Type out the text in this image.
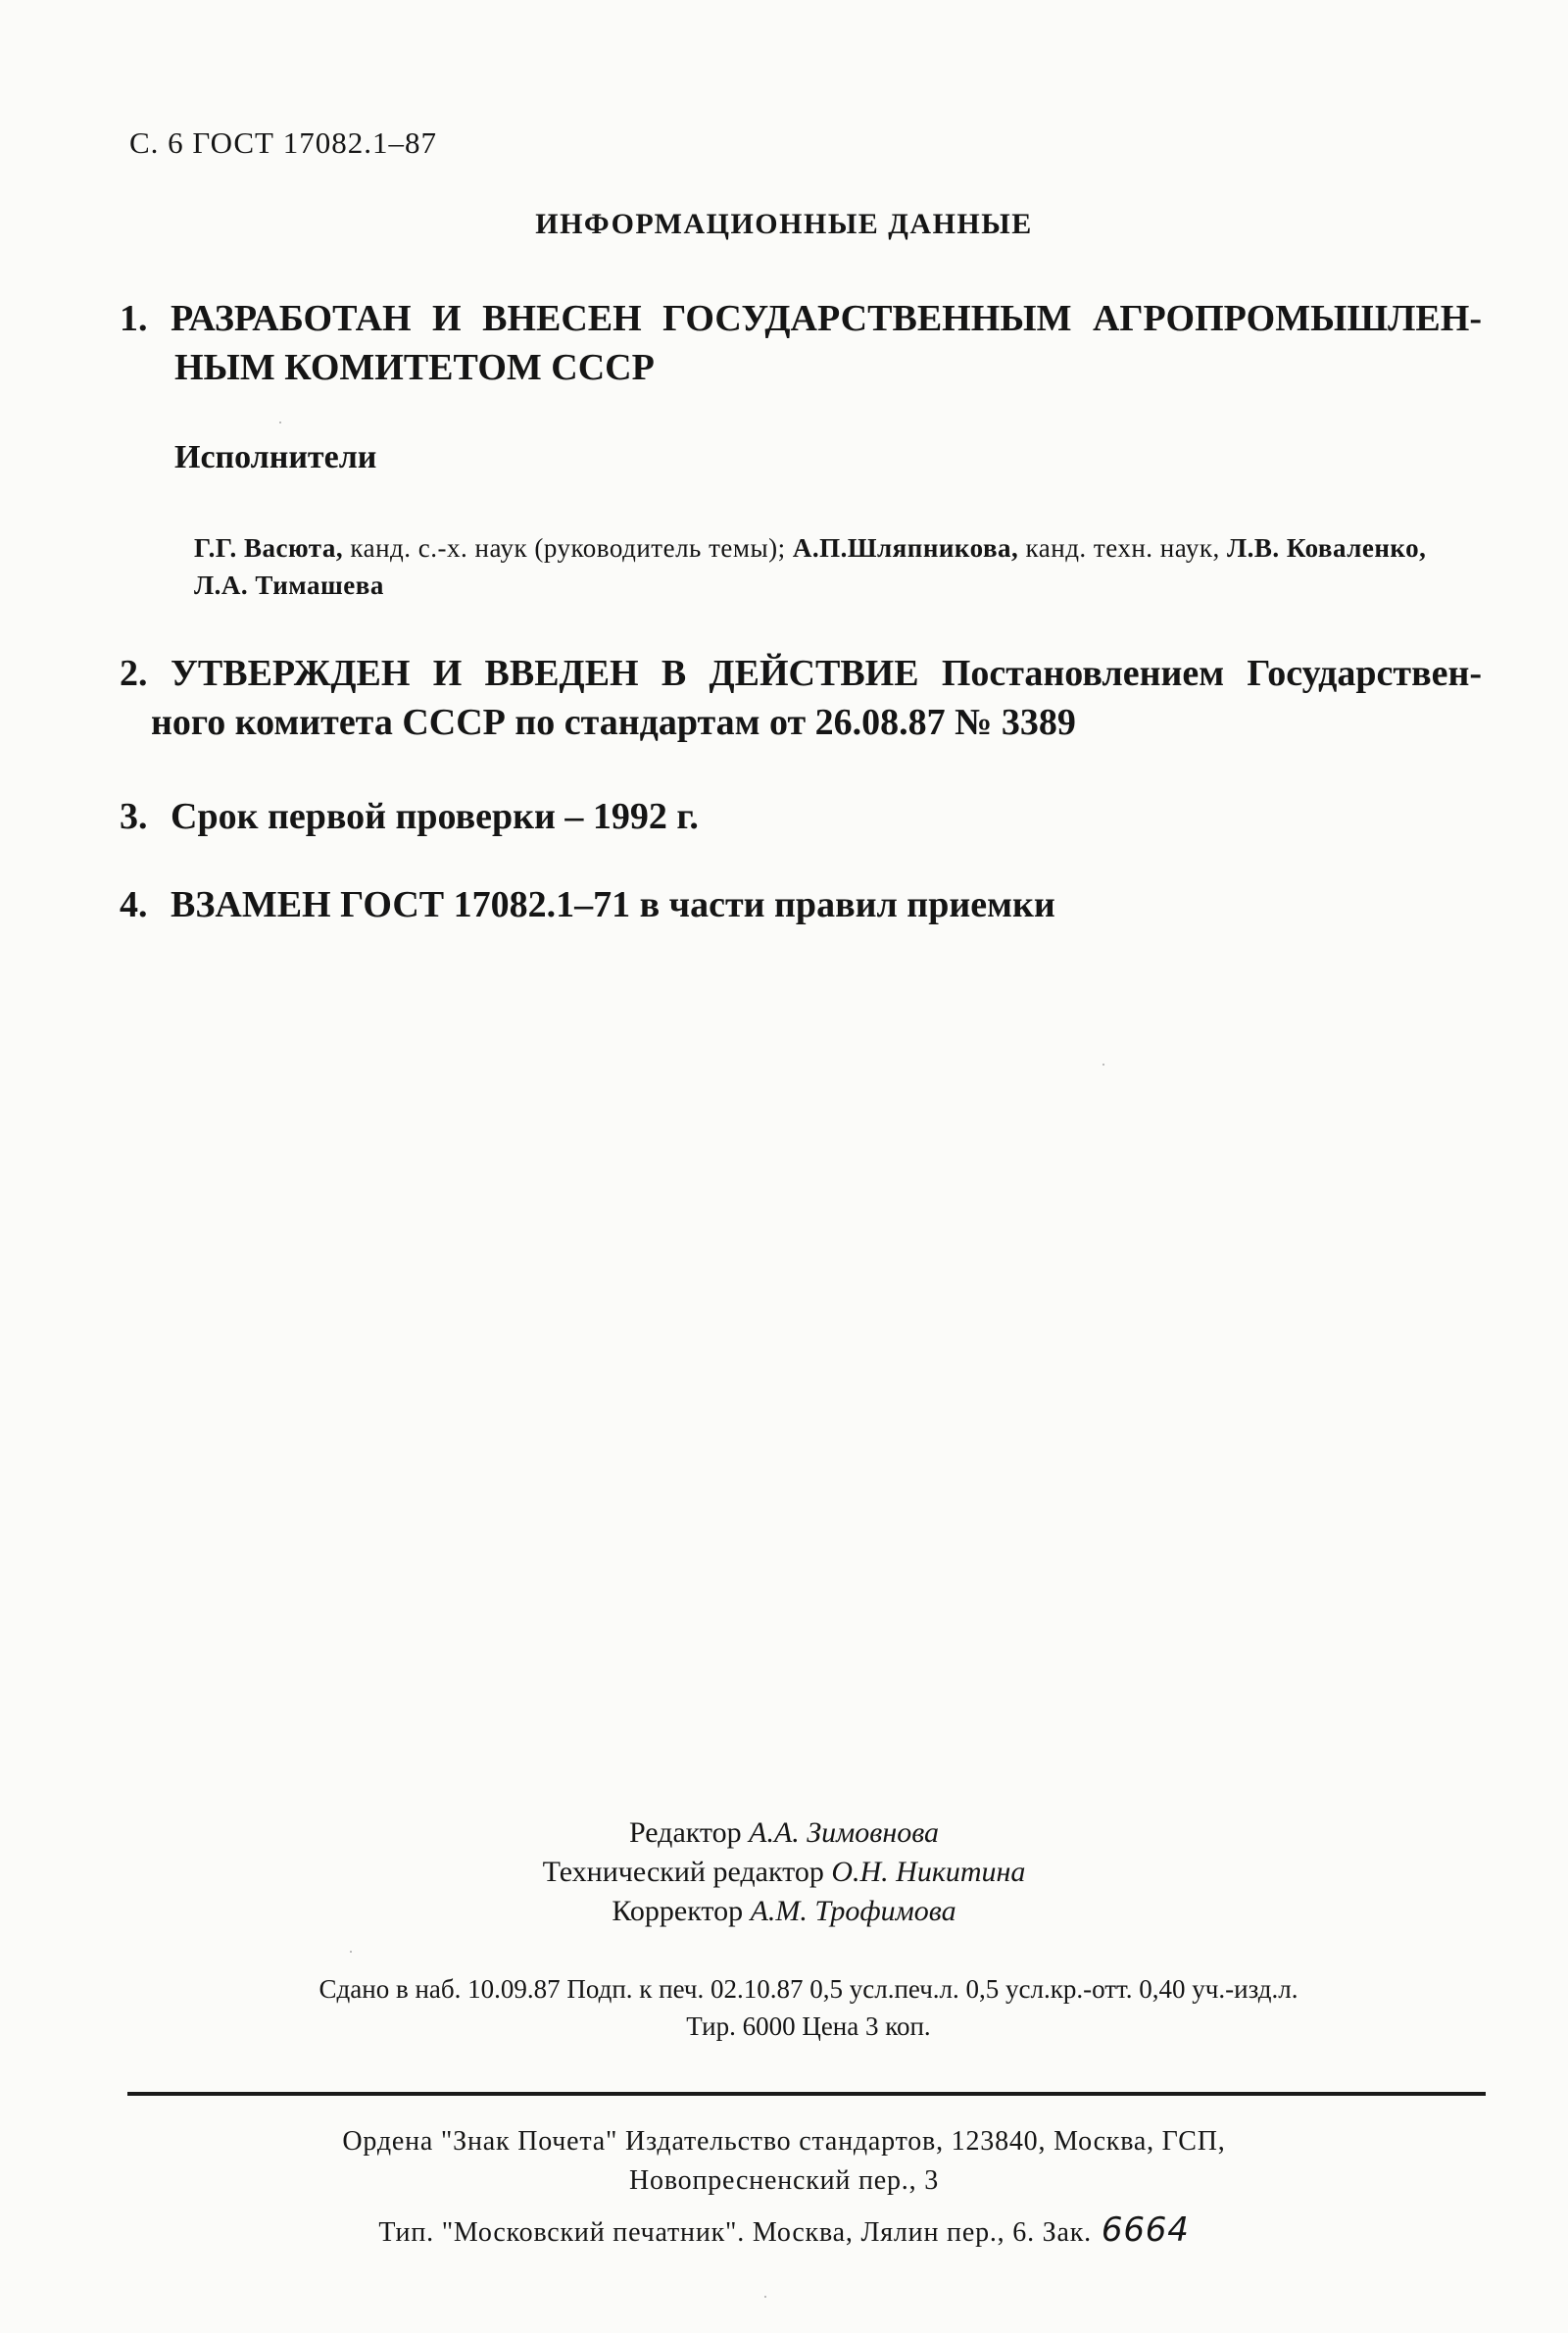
С. 6 ГОСТ 17082.1–87
ИНФОРМАЦИОННЫЕ ДАННЫЕ
1. РАЗРАБОТАН И ВНЕСЕН ГОСУДАРСТВЕННЫМ АГРОПРОМЫШЛЕН-
НЫМ КОМИТЕТОМ СССР
Исполнители
Г.Г. Васюта, канд. с.-х. наук (руководитель темы); А.П.Шляпникова, канд. техн. наук, Л.В. Коваленко, Л.А. Тимашева
2. УТВЕРЖДЕН И ВВЕДЕН В ДЕЙСТВИЕ Постановлением Государствен-
ного комитета СССР по стандартам от 26.08.87 № 3389
3. Срок первой проверки – 1992 г.
4. ВЗАМЕН ГОСТ 17082.1–71 в части правил приемки
Редактор А.А. Зимовнова
Технический редактор О.Н. Никитина
Корректор А.М. Трофимова
Сдано в наб. 10.09.87 Подп. к печ. 02.10.87 0,5 усл.печ.л. 0,5 усл.кр.-отт. 0,40 уч.-изд.л.
Тир. 6000 Цена 3 коп.
Ордена "Знак Почета" Издательство стандартов, 123840, Москва, ГСП,
Новопресненский пер., 3
Тип. "Московский печатник". Москва, Лялин пер., 6. Зак. 6664
